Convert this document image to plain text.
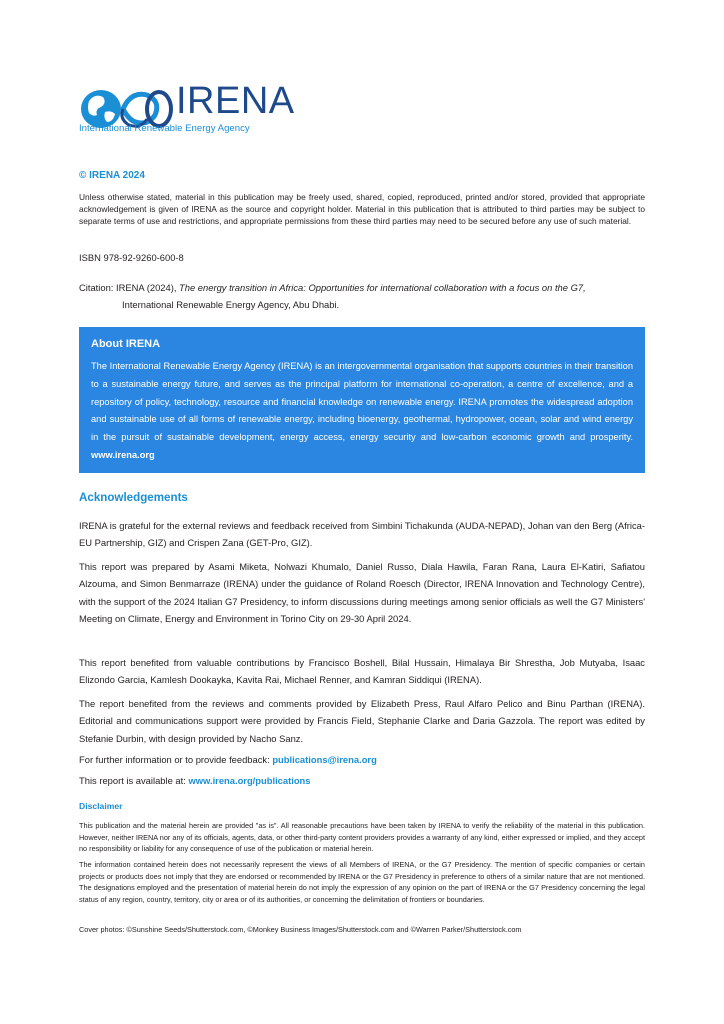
IRENA
International Renewable Energy Agency
© IRENA 2024

Unless otherwise stated, material in this publication may be freely used, shared, copied, reproduced, printed and/or stored, provided that appropriate acknowledgement is given of IRENA as the source and copyright holder. Material in this publication that is attributed to third parties may be subject to separate terms of use and restrictions, and appropriate permissions from these third parties may need to be secured before any use of such material.

ISBN 978-92-9260-600-8
Citation: IRENA (2024), The energy transition in Africa: Opportunities for international collaboration with a focus on the G7,
International Renewable Energy Agency, Abu Dhabi.
About IRENA

The International Renewable Energy Agency (IRENA) is an intergovernmental organisation that supports countries in their transition to a sustainable energy future, and serves as the principal platform for international co-operation, a centre of excellence, and a repository of policy, technology, resource and financial knowledge on renewable energy. IRENA promotes the widespread adoption and sustainable use of all forms of renewable energy, including bioenergy, geothermal, hydropower, ocean, solar and wind energy in the pursuit of sustainable development, energy access, energy security and low-carbon economic growth and prosperity. www.irena.org

Acknowledgements

IRENA is grateful for the external reviews and feedback received from Simbini Tichakunda (AUDA-NEPAD), Johan van den Berg (Africa-EU Partnership, GIZ) and Crispen Zana (GET-Pro, GIZ).

This report was prepared by Asami Miketa, Nolwazi Khumalo, Daniel Russo, Diala Hawila, Faran Rana, Laura El-Katiri, Safiatou Alzouma, and Simon Benmarraze (IRENA) under the guidance of Roland Roesch (Director, IRENA Innovation and Technology Centre), with the support of the 2024 Italian G7 Presidency, to inform discussions during meetings among senior officials as well the G7 Ministers' Meeting on Climate, Energy and Environment in Torino City on 29-30 April 2024.

This report benefited from valuable contributions by Francisco Boshell, Bilal Hussain, Himalaya Bir Shrestha, Job Mutyaba, Isaac Elizondo Garcia, Kamlesh Dookayka, Kavita Rai, Michael Renner, and Kamran Siddiqui (IRENA).

The report benefited from the reviews and comments provided by Elizabeth Press, Raul Alfaro Pelico and Binu Parthan (IRENA). Editorial and communications support were provided by Francis Field, Stephanie Clarke and Daria Gazzola. The report was edited by Stefanie Durbin, with design provided by Nacho Sanz.

For further information or to provide feedback: publications@irena.org
This report is available at: www.irena.org/publications
Disclaimer

This publication and the material herein are provided "as is". All reasonable precautions have been taken by IRENA to verify the reliability of the material in this publication. However, neither IRENA nor any of its officials, agents, data, or other third-party content providers provides a warranty of any kind, either expressed or implied, and they accept no responsibility or liability for any consequence of use of the publication or material herein.

The information contained herein does not necessarily represent the views of all Members of IRENA, or the G7 Presidency. The mention of specific companies or certain projects or products does not imply that they are endorsed or recommended by IRENA or the G7 Presidency in preference to others of a similar nature that are not mentioned. The designations employed and the presentation of material herein do not imply the expression of any opinion on the part of IRENA or the G7 Presidency concerning the legal status of any region, country, territory, city or area or of its authorities, or concerning the delimitation of frontiers or boundaries.

Cover photos: ©Sunshine Seeds/Shutterstock.com, ©Monkey Business Images/Shutterstock.com and ©Warren Parker/Shutterstock.com
